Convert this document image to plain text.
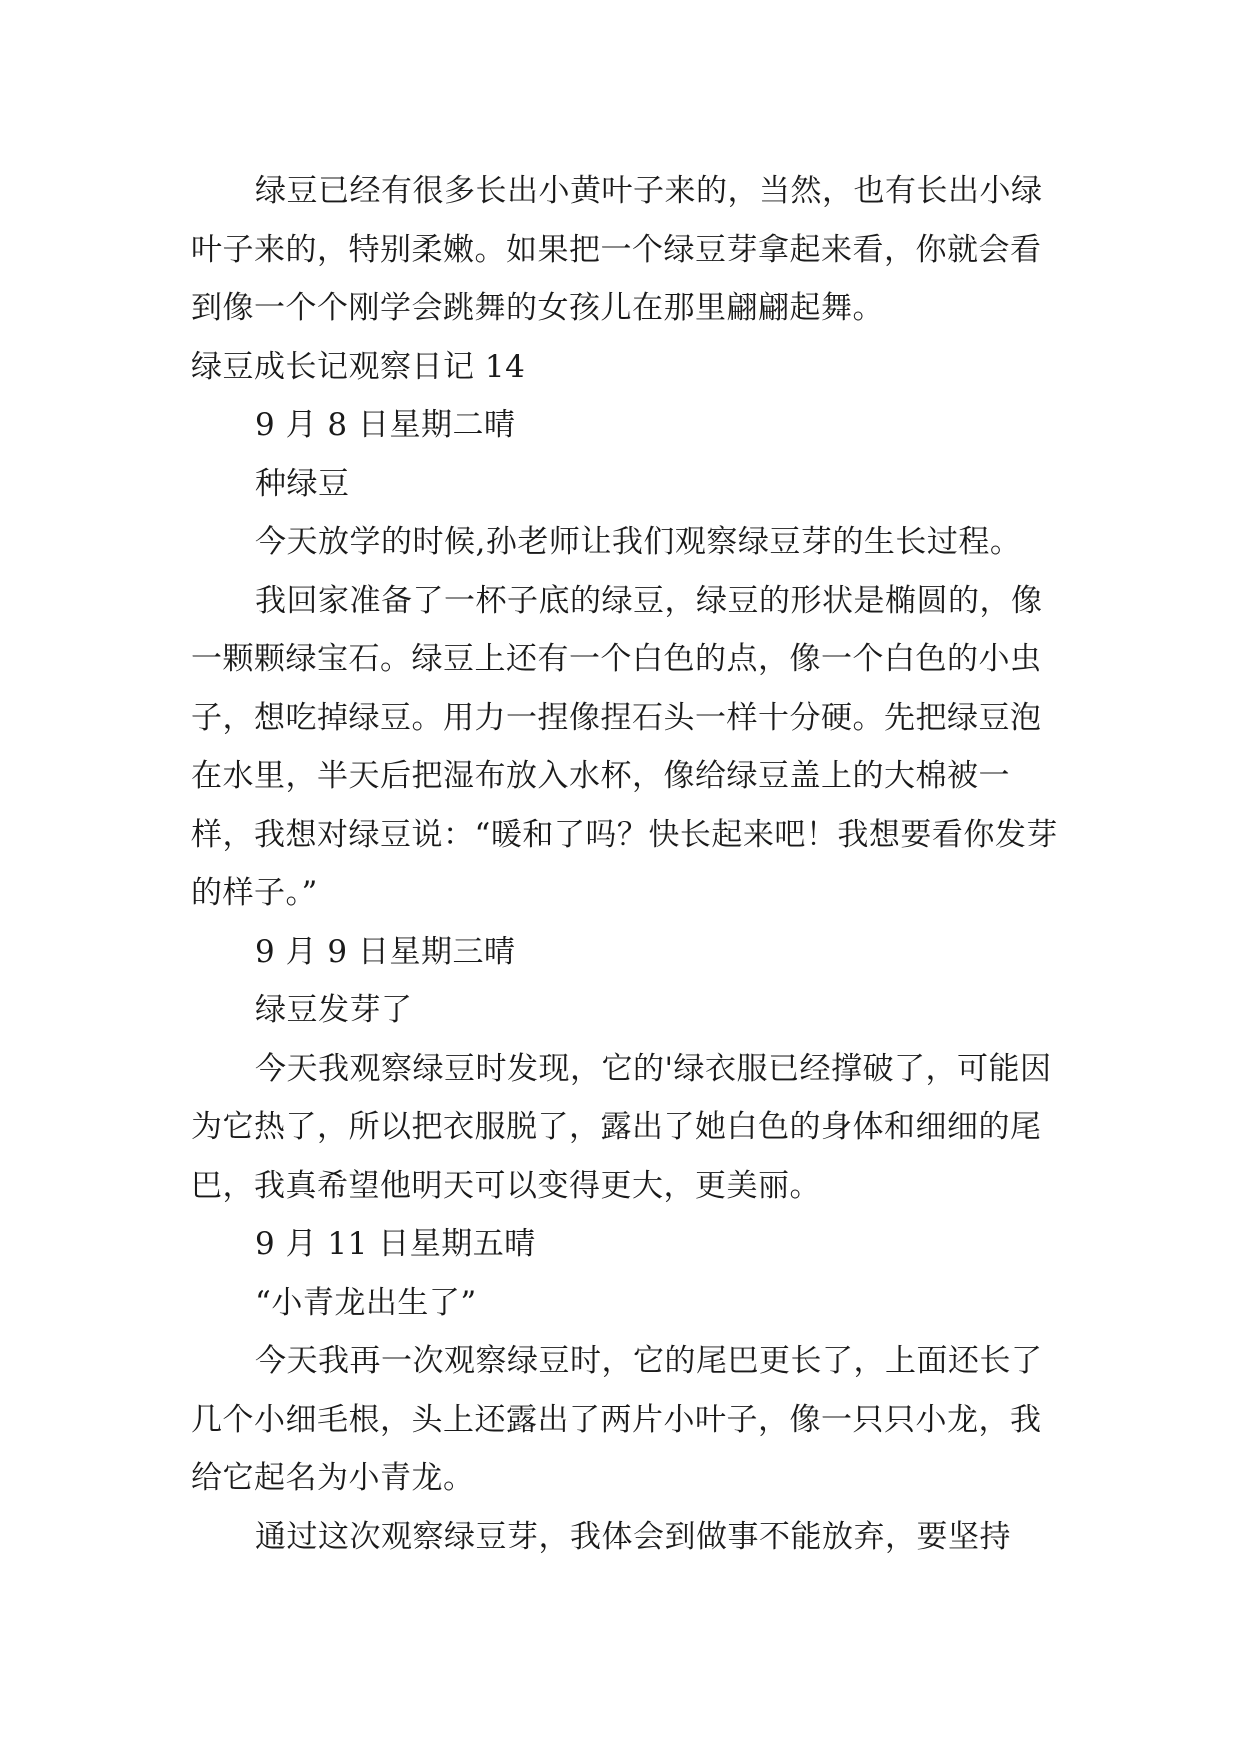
绿豆已经有很多长出小黄叶子来的，当然，也有长出小绿叶子来的，特别柔嫩。如果把一个绿豆芽拿起来看，你就会看到像一个个刚学会跳舞的女孩儿在那里翩翩起舞。

绿豆成长记观察日记 14

9 月 8 日星期二晴

种绿豆

今天放学的时候,孙老师让我们观察绿豆芽的生长过程。

我回家准备了一杯子底的绿豆，绿豆的形状是椭圆的，像一颗颗绿宝石。绿豆上还有一个白色的点，像一个白色的小虫子，想吃掉绿豆。用力一捏像捏石头一样十分硬。先把绿豆泡在水里，半天后把湿布放入水杯，像给绿豆盖上的大棉被一样，我想对绿豆说：“暖和了吗？快长起来吧！我想要看你发芽的样子。”

9 月 9 日星期三晴

绿豆发芽了

今天我观察绿豆时发现，它的'绿衣服已经撑破了，可能因为它热了，所以把衣服脱了，露出了她白色的身体和细细的尾巴，我真希望他明天可以变得更大，更美丽。

9 月 11 日星期五晴

“小青龙出生了”

今天我再一次观察绿豆时，它的尾巴更长了，上面还长了几个小细毛根，头上还露出了两片小叶子，像一只只小龙，我给它起名为小青龙。

通过这次观察绿豆芽，我体会到做事不能放弃，要坚持
